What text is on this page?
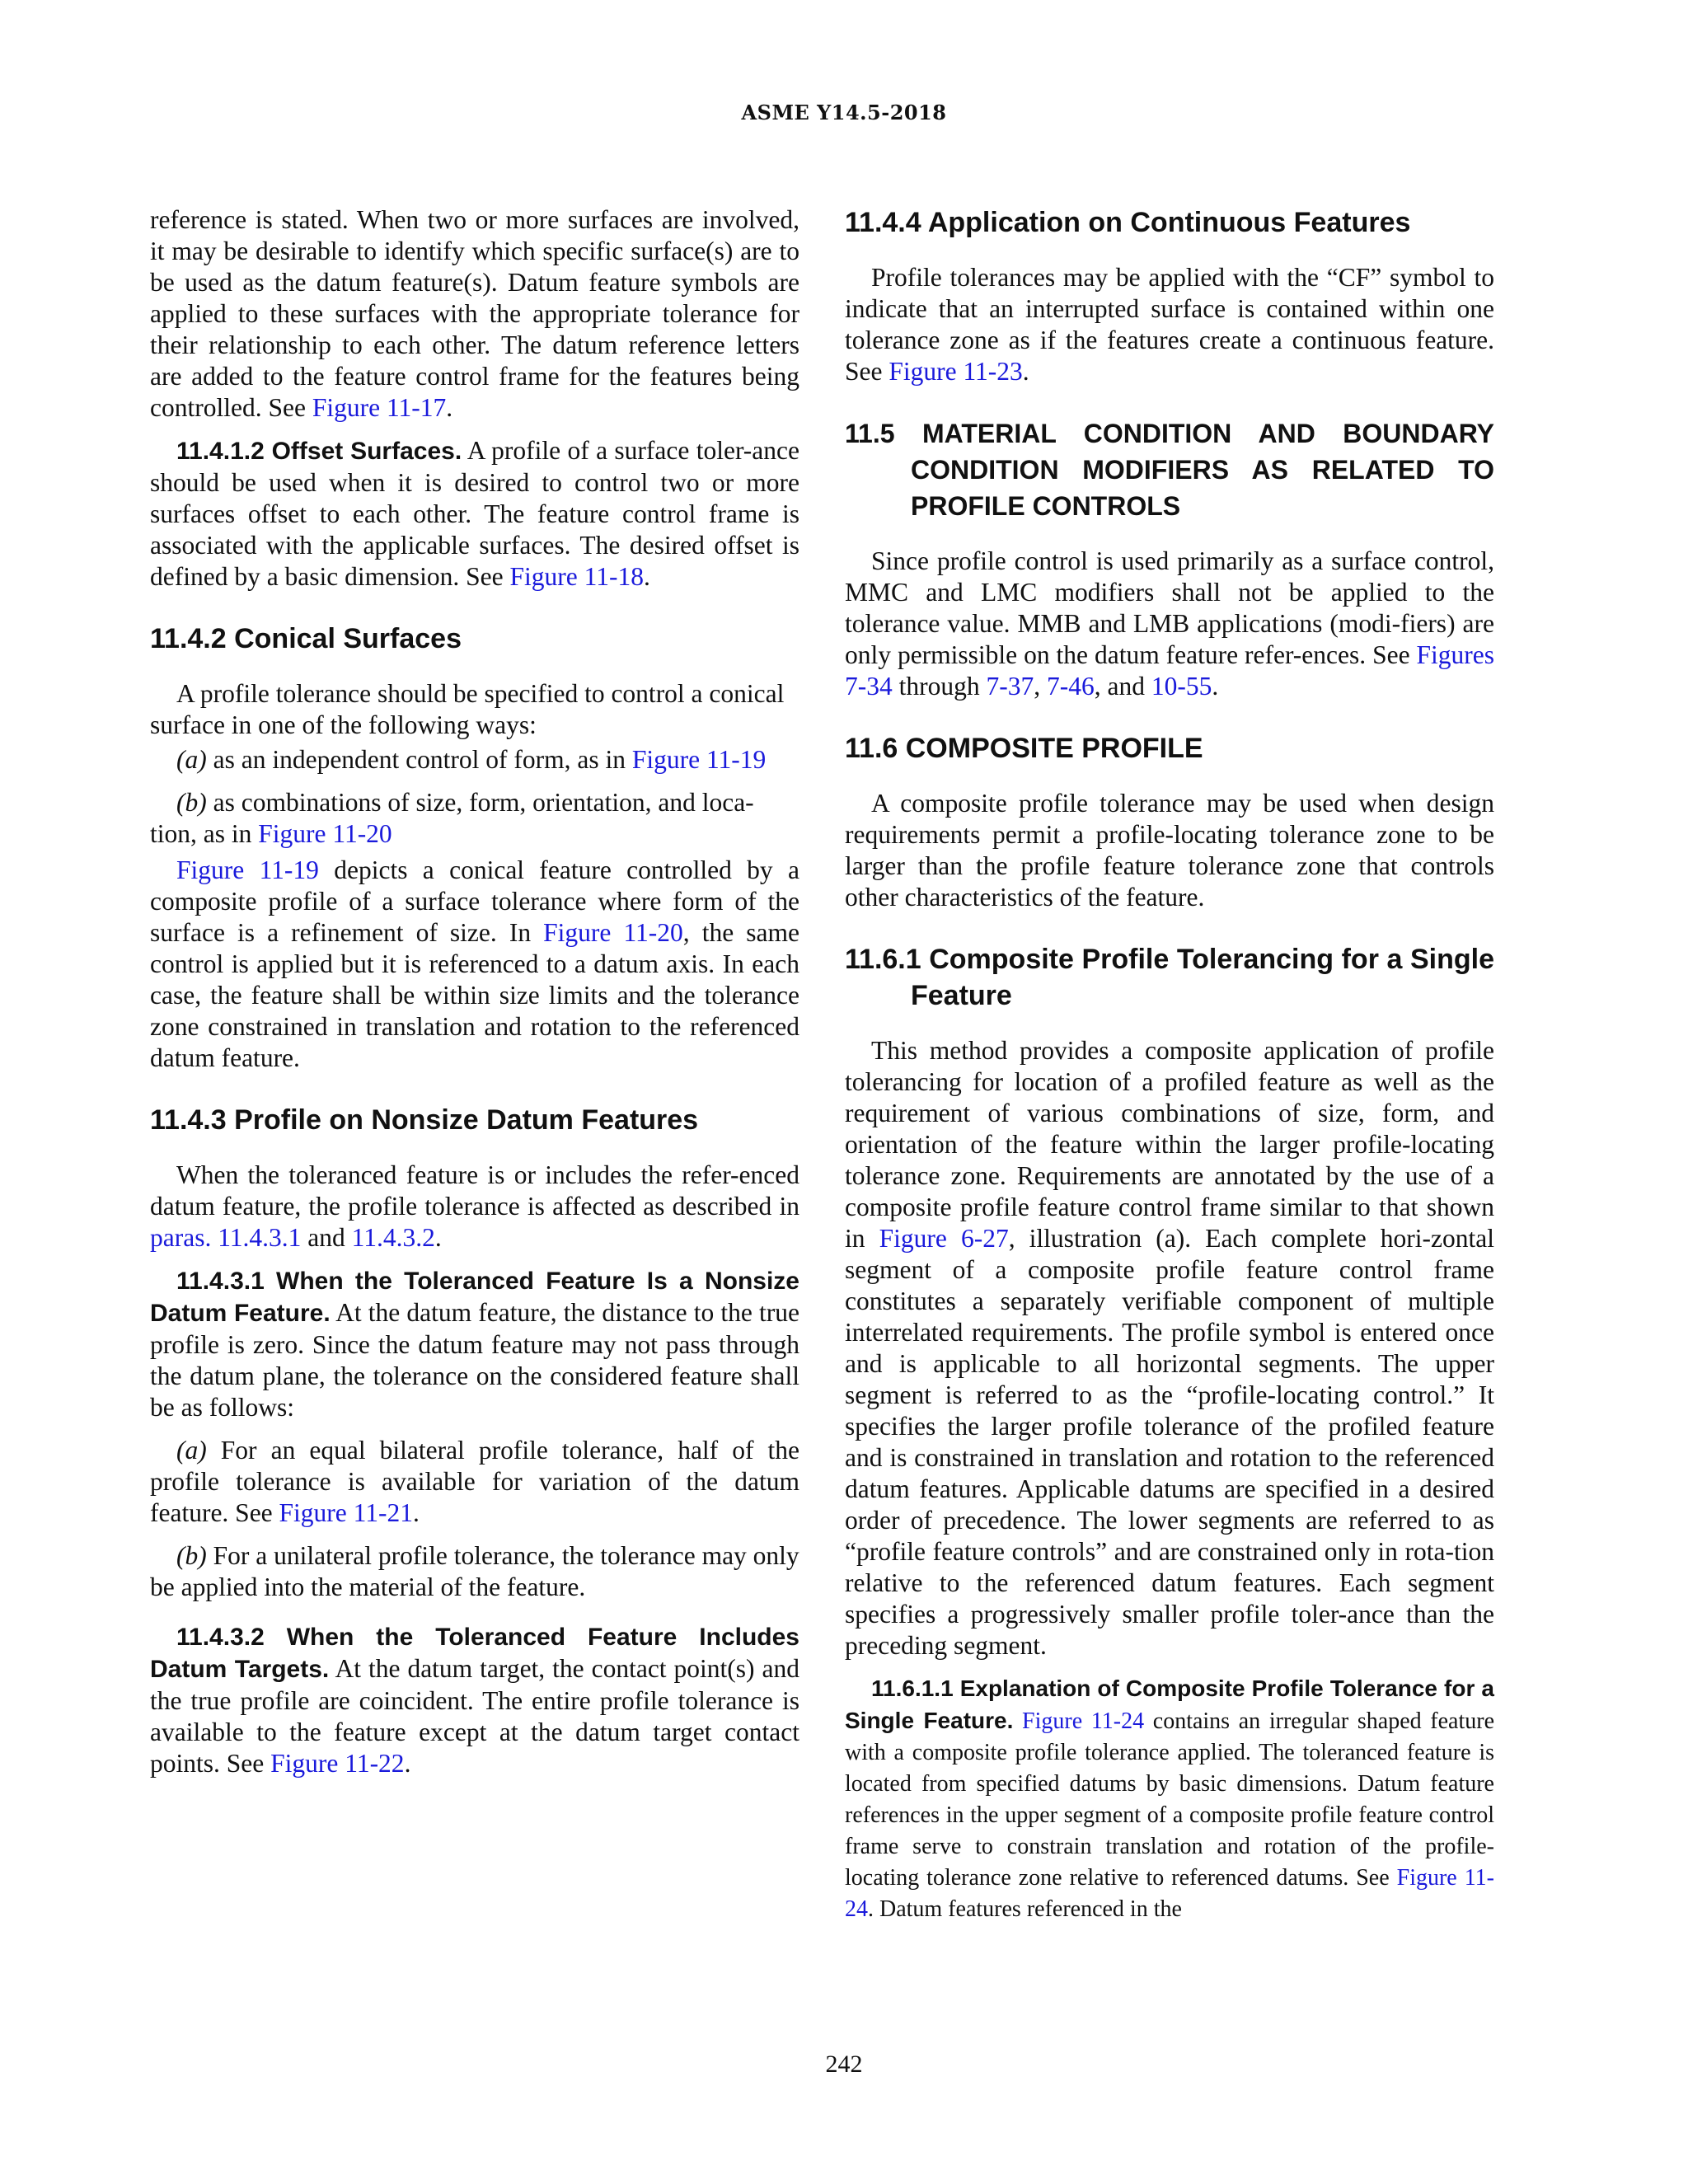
ASME Y14.5-2018

reference is stated. When two or more surfaces are involved, it may be desirable to identify which specific surface(s) are to be used as the datum feature(s). Datum feature symbols are applied to these surfaces with the appropriate tolerance for their relationship to each other. The datum reference letters are added to the feature control frame for the features being controlled. See Figure 11-17.

11.4.1.2 Offset Surfaces. A profile of a surface toler-ance should be used when it is desired to control two or more surfaces offset to each other. The feature control frame is associated with the applicable surfaces. The desired offset is defined by a basic dimension. See Figure 11-18.

11.4.2 Conical Surfaces

A profile tolerance should be specified to control a conical surface in one of the following ways:

(a) as an independent control of form, as in Figure 11-19

(b) as combinations of size, form, orientation, and loca-tion, as in Figure 11-20

Figure 11-19 depicts a conical feature controlled by a composite profile of a surface tolerance where form of the surface is a refinement of size. In Figure 11-20, the same control is applied but it is referenced to a datum axis. In each case, the feature shall be within size limits and the tolerance zone constrained in translation and rotation to the referenced datum feature.

11.4.3 Profile on Nonsize Datum Features

When the toleranced feature is or includes the refer-enced datum feature, the profile tolerance is affected as described in paras. 11.4.3.1 and 11.4.3.2.

11.4.3.1 When the Toleranced Feature Is a Nonsize Datum Feature. At the datum feature, the distance to the true profile is zero. Since the datum feature may not pass through the datum plane, the tolerance on the considered feature shall be as follows:

(a) For an equal bilateral profile tolerance, half of the profile tolerance is available for variation of the datum feature. See Figure 11-21.

(b) For a unilateral profile tolerance, the tolerance may only be applied into the material of the feature.

11.4.3.2 When the Toleranced Feature Includes Datum Targets. At the datum target, the contact point(s) and the true profile are coincident. The entire profile tolerance is available to the feature except at the datum target contact points. See Figure 11-22.

11.4.4 Application on Continuous Features

Profile tolerances may be applied with the “CF” symbol to indicate that an interrupted surface is contained within one tolerance zone as if the features create a continuous feature. See Figure 11-23.

11.5 MATERIAL CONDITION AND BOUNDARY CONDITION MODIFIERS AS RELATED TO PROFILE CONTROLS

Since profile control is used primarily as a surface control, MMC and LMC modifiers shall not be applied to the tolerance value. MMB and LMB applications (modi-fiers) are only permissible on the datum feature refer-ences. See Figures 7-34 through 7-37, 7-46, and 10-55.

11.6 COMPOSITE PROFILE

A composite profile tolerance may be used when design requirements permit a profile-locating tolerance zone to be larger than the profile feature tolerance zone that controls other characteristics of the feature.

11.6.1 Composite Profile Tolerancing for a Single Feature

This method provides a composite application of profile tolerancing for location of a profiled feature as well as the requirement of various combinations of size, form, and orientation of the feature within the larger profile-locating tolerance zone. Requirements are annotated by the use of a composite profile feature control frame similar to that shown in Figure 6-27, illustration (a). Each complete hori-zontal segment of a composite profile feature control frame constitutes a separately verifiable component of multiple interrelated requirements. The profile symbol is entered once and is applicable to all horizontal segments. The upper segment is referred to as the “profile-locating control.” It specifies the larger profile tolerance of the profiled feature and is constrained in translation and rotation to the referenced datum features. Applicable datums are specified in a desired order of precedence. The lower segments are referred to as “profile feature controls” and are constrained only in rota-tion relative to the referenced datum features. Each segment specifies a progressively smaller profile toler-ance than the preceding segment.

11.6.1.1 Explanation of Composite Profile Tolerance for a Single Feature. Figure 11-24 contains an irregular shaped feature with a composite profile tolerance applied. The toleranced feature is located from specified datums by basic dimensions. Datum feature references in the upper segment of a composite profile feature control frame serve to constrain translation and rotation of the profile-locating tolerance zone relative to referenced datums. See Figure 11-24. Datum features referenced in the

242
